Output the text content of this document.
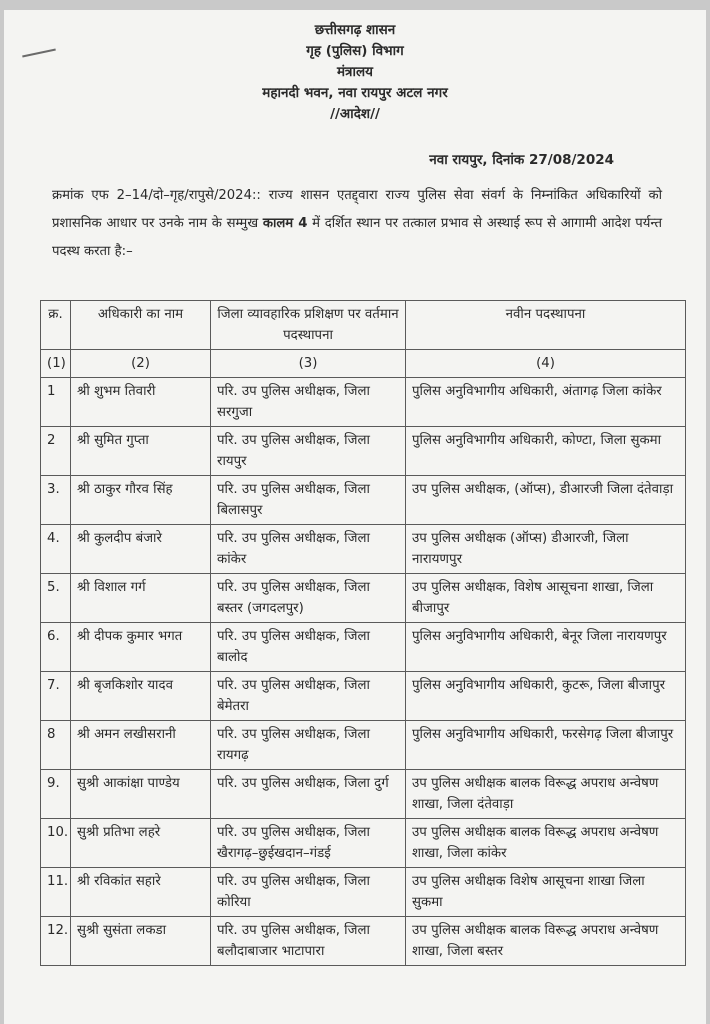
छत्तीसगढ़ शासन
गृह (पुलिस) विभाग
मंत्रालय
महानदी भवन, नवा रायपुर अटल नगर
//आदेश//
नवा रायपुर, दिनांक 27/08/2024
क्रमांक एफ 2–14/दो–गृह/रापुसे/2024:: राज्य शासन एतद्द्वारा राज्य पुलिस सेवा संवर्ग के निम्नांकित अधिकारियों को प्रशासनिक आधार पर उनके नाम के सम्मुख कालम 4 में दर्शित स्थान पर तत्काल प्रभाव से अस्थाई रूप से आगामी आदेश पर्यन्त पदस्थ करता है:–
क्र.	अधिकारी का नाम	जिला व्यावहारिक प्रशिक्षण पर वर्तमान पदस्थापना	नवीन पदस्थापना
(1)	(2)	(3)	(4)
1	श्री शुभम तिवारी	परि. उप पुलिस अधीक्षक, जिला सरगुजा	पुलिस अनुविभागीय अधिकारी, अंतागढ़ जिला कांकेर
2	श्री सुमित गुप्ता	परि. उप पुलिस अधीक्षक, जिला रायपुर	पुलिस अनुविभागीय अधिकारी, कोण्टा, जिला सुकमा
3.	श्री ठाकुर गौरव सिंह	परि. उप पुलिस अधीक्षक, जिला बिलासपुर	उप पुलिस अधीक्षक, (ऑप्स), डीआरजी जिला दंतेवाड़ा
4.	श्री कुलदीप बंजारे	परि. उप पुलिस अधीक्षक, जिला कांकेर	उप पुलिस अधीक्षक (ऑप्स) डीआरजी, जिला नारायणपुर
5.	श्री विशाल गर्ग	परि. उप पुलिस अधीक्षक, जिला बस्तर (जगदलपुर)	उप पुलिस अधीक्षक, विशेष आसूचना शाखा, जिला बीजापुर
6.	श्री दीपक कुमार भगत	परि. उप पुलिस अधीक्षक, जिला बालोद	पुलिस अनुविभागीय अधिकारी, बेनूर जिला नारायणपुर
7.	श्री बृजकिशोर यादव	परि. उप पुलिस अधीक्षक, जिला बेमेतरा	पुलिस अनुविभागीय अधिकारी, कुटरू, जिला बीजापुर
8	श्री अमन लखीसरानी	परि. उप पुलिस अधीक्षक, जिला रायगढ़	पुलिस अनुविभागीय अधिकारी, फरसेगढ़ जिला बीजापुर
9.	सुश्री आकांक्षा पाण्डेय	परि. उप पुलिस अधीक्षक, जिला दुर्ग	उप पुलिस अधीक्षक बालक विरूद्ध अपराध अन्वेषण शाखा, जिला दंतेवाड़ा
10.	सुश्री प्रतिभा लहरे	परि. उप पुलिस अधीक्षक, जिला खैरागढ़–छुईखदान–गंडई	उप पुलिस अधीक्षक बालक विरूद्ध अपराध अन्वेषण शाखा, जिला कांकेर
11.	श्री रविकांत सहारे	परि. उप पुलिस अधीक्षक, जिला कोरिया	उप पुलिस अधीक्षक विशेष आसूचना शाखा जिला सुकमा
12.	सुश्री सुसंता लकडा	परि. उप पुलिस अधीक्षक, जिला बलौदाबाजार भाटापारा	उप पुलिस अधीक्षक बालक विरूद्ध अपराध अन्वेषण शाखा, जिला बस्तर
